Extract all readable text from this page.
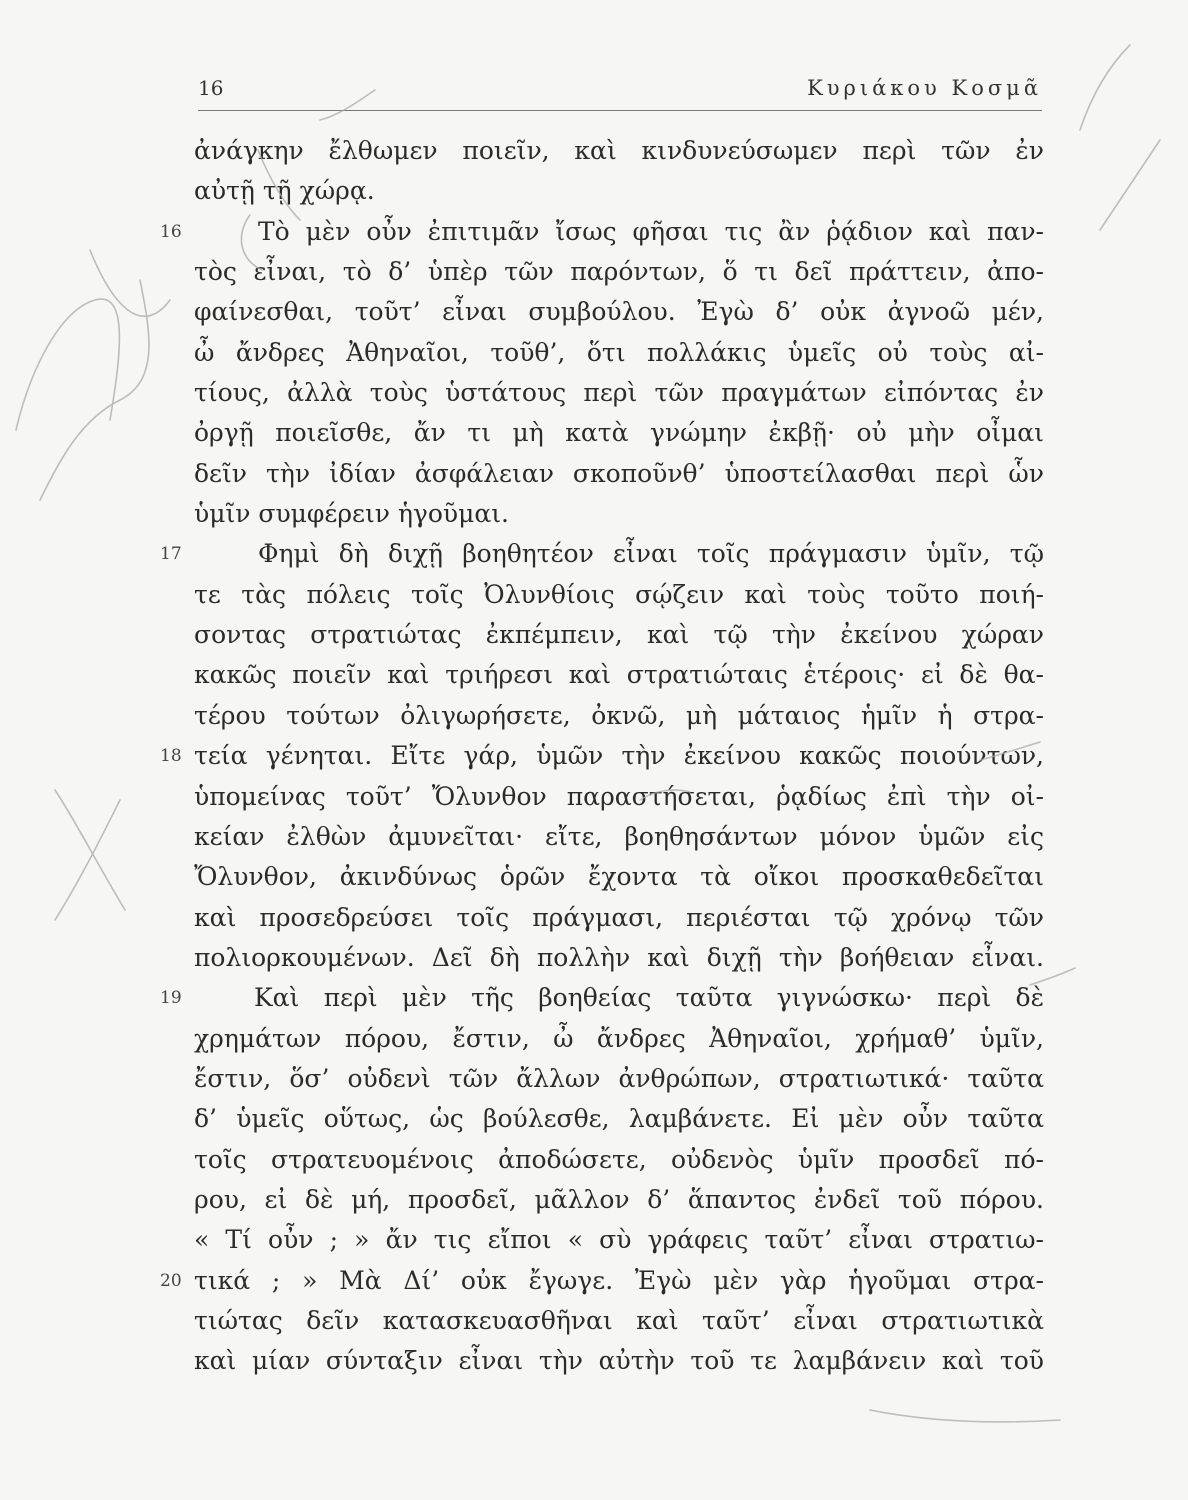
16	Κυριάκου Κοσμᾶ
ἀνάγκην ἔλθωμεν ποιεῖν, καὶ κινδυνεύσωμεν περὶ τῶν ἐν
αὐτῇ τῇ χώρᾳ.
16	Τὸ μὲν οὖν ἐπιτιμᾶν ἴσως φῆσαι τις ἂν ῥᾴδιον καὶ παν-
τὸς εἶναι, τὸ δ’ ὑπὲρ τῶν παρόντων, ὅ τι δεῖ πράττειν, ἀπο-
φαίνεσθαι, τοῦτ’ εἶναι συμβούλου. Ἐγὼ δ’ οὐκ ἀγνοῶ μέν,
ὦ ἄνδρες Ἀθηναῖοι, τοῦθ’, ὅτι πολλάκις ὑμεῖς οὐ τοὺς αἰ-
τίους, ἀλλὰ τοὺς ὑστάτους περὶ τῶν πραγμάτων εἰπόντας ἐν
ὀργῇ ποιεῖσθε, ἄν τι μὴ κατὰ γνώμην ἐκβῇ· οὐ μὴν οἶμαι
δεῖν τὴν ἰδίαν ἀσφάλειαν σκοποῦνθ’ ὑποστείλασθαι περὶ ὧν
ὑμῖν συμφέρειν ἡγοῦμαι.
17	Φημὶ δὴ διχῇ βοηθητέον εἶναι τοῖς πράγμασιν ὑμῖν, τῷ
τε τὰς πόλεις τοῖς Ὀλυνθίοις σῴζειν καὶ τοὺς τοῦτο ποιή-
σοντας στρατιώτας ἐκπέμπειν, καὶ τῷ τὴν ἐκείνου χώραν
κακῶς ποιεῖν καὶ τριήρεσι καὶ στρατιώταις ἑτέροις· εἰ δὲ θα-
τέρου τούτων ὀλιγωρήσετε, ὀκνῶ, μὴ μάταιος ἡμῖν ἡ στρα-
18 τεία γένηται. Εἴτε γάρ, ὑμῶν τὴν ἐκείνου κακῶς ποιούντων,
ὑπομείνας τοῦτ’ Ὄλυνθον παραστήσεται, ῥᾳδίως ἐπὶ τὴν οἰ-
κείαν ἐλθὼν ἀμυνεῖται· εἴτε, βοηθησάντων μόνον ὑμῶν εἰς
Ὄλυνθον, ἀκινδύνως ὁρῶν ἔχοντα τὰ οἴκοι προσκαθεδεῖται
καὶ προσεδρεύσει τοῖς πράγμασι, περιέσται τῷ χρόνῳ τῶν
πολιορκουμένων. Δεῖ δὴ πολλὴν καὶ διχῇ τὴν βοήθειαν εἶναι.
19	Καὶ περὶ μὲν τῆς βοηθείας ταῦτα γιγνώσκω· περὶ δὲ
χρημάτων πόρου, ἔστιν, ὦ ἄνδρες Ἀθηναῖοι, χρήμαθ’ ὑμῖν,
ἔστιν, ὅσ’ οὐδενὶ τῶν ἄλλων ἀνθρώπων, στρατιωτικά· ταῦτα
δ’ ὑμεῖς οὕτως, ὡς βούλεσθε, λαμβάνετε. Εἰ μὲν οὖν ταῦτα
τοῖς στρατευομένοις ἀποδώσετε, οὐδενὸς ὑμῖν προσδεῖ πό-
ρου, εἰ δὲ μή, προσδεῖ, μᾶλλον δ’ ἅπαντος ἐνδεῖ τοῦ πόρου.
« Τί οὖν ; » ἄν τις εἴποι « σὺ γράφεις ταῦτ’ εἶναι στρατιω-
20 τικά ; » Μὰ Δί’ οὐκ ἔγωγε. Ἐγὼ μὲν γὰρ ἡγοῦμαι στρα-
τιώτας δεῖν κατασκευασθῆναι καὶ ταῦτ’ εἶναι στρατιωτικὰ
καὶ μίαν σύνταξιν εἶναι τὴν αὐτὴν τοῦ τε λαμβάνειν καὶ τοῦ
